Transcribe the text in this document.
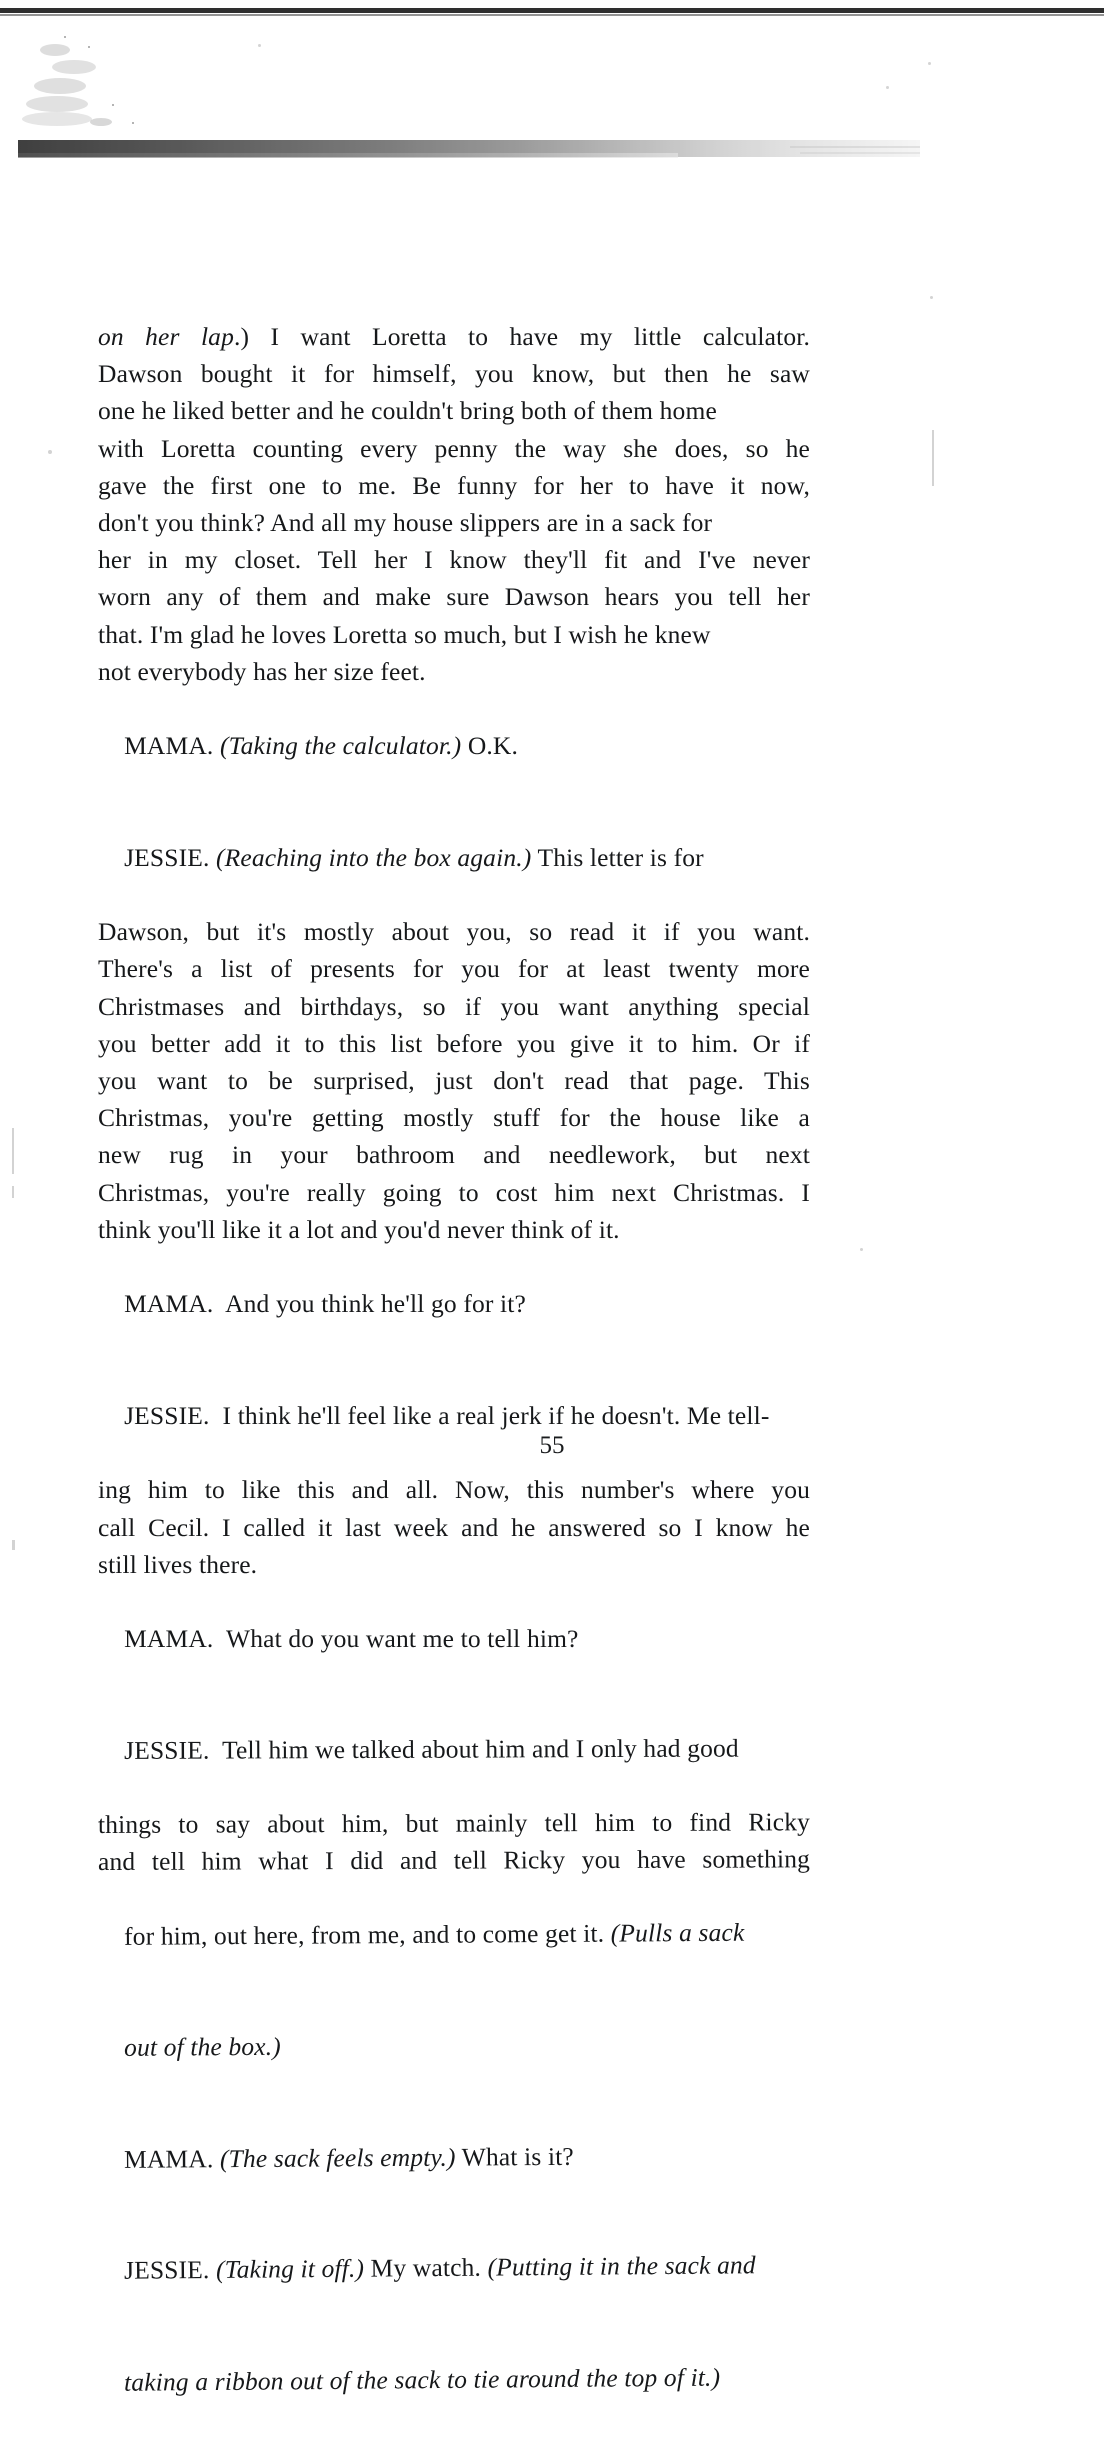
on her lap.) I want Loretta to have my little calculator.
Dawson bought it for himself, you know, but then he saw
one he liked better and he couldn't bring both of them home
with Loretta counting every penny the way she does, so he
gave the first one to me. Be funny for her to have it now,
don't you think? And all my house slippers are in a sack for
her in my closet. Tell her I know they'll fit and I've never
worn any of them and make sure Dawson hears you tell her
that. I'm glad he loves Loretta so much, but I wish he knew
not everybody has her size feet.

MAMA. (Taking the calculator.) O.K.

JESSIE. (Reaching into the box again.) This letter is for

Dawson, but it's mostly about you, so read it if you want.
There's a list of presents for you for at least twenty more
Christmases and birthdays, so if you want anything special
you better add it to this list before you give it to him. Or if
you want to be surprised, just don't read that page. This
Christmas, you're getting mostly stuff for the house like a
new rug in your bathroom and needlework, but next
Christmas, you're really going to cost him next Christmas. I
think you'll like it a lot and you'd never think of it.

MAMA. And you think he'll go for it?

JESSIE. I think he'll feel like a real jerk if he doesn't. Me tell-

ing him to like this and all. Now, this number's where you
call Cecil. I called it last week and he answered so I know he
still lives there.

MAMA. What do you want me to tell him?

JESSIE. Tell him we talked about him and I only had good

things to say about him, but mainly tell him to find Ricky
and tell him what I did and tell Ricky you have something

for him, out here, from me, and to come get it. (Pulls a sack

out of the box.)

MAMA. (The sack feels empty.) What is it?

JESSIE. (Taking it off.) My watch. (Putting it in the sack and

taking a ribbon out of the sack to tie around the top of it.)

55
